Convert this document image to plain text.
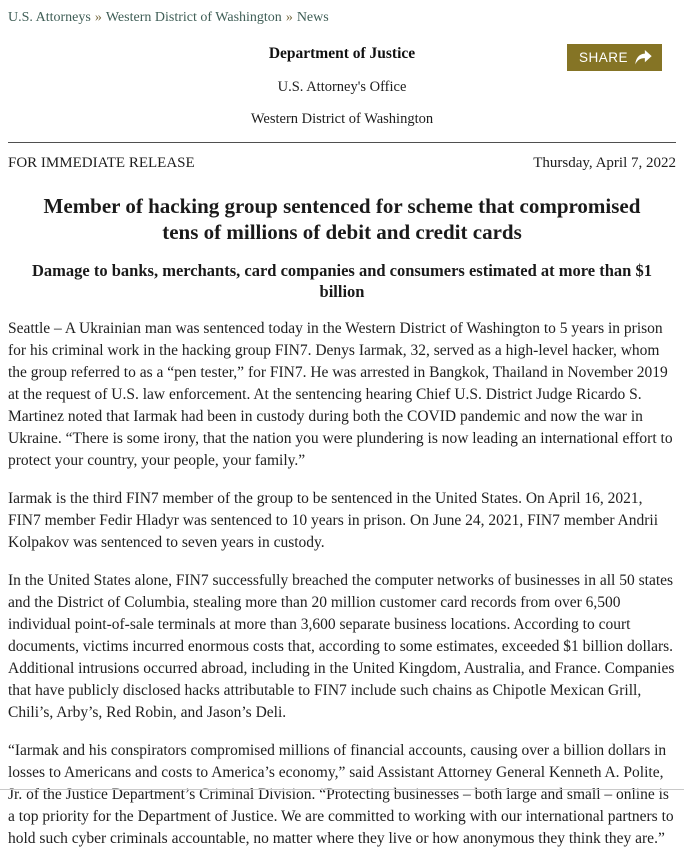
U.S. Attorneys » Western District of Washington » News
SHARE
Department of Justice
U.S. Attorney's Office
Western District of Washington
FOR IMMEDIATE RELEASE	Thursday, April 7, 2022
Member of hacking group sentenced for scheme that compromised tens of millions of debit and credit cards
Damage to banks, merchants, card companies and consumers estimated at more than $1 billion

Seattle – A Ukrainian man was sentenced today in the Western District of Washington to 5 years in prison for his criminal work in the hacking group FIN7. Denys Iarmak, 32, served as a high-level hacker, whom the group referred to as a “pen tester,” for FIN7. He was arrested in Bangkok, Thailand in November 2019 at the request of U.S. law enforcement. At the sentencing hearing Chief U.S. District Judge Ricardo S. Martinez noted that Iarmak had been in custody during both the COVID pandemic and now the war in Ukraine. “There is some irony, that the nation you were plundering is now leading an international effort to protect your country, your people, your family.”

Iarmak is the third FIN7 member of the group to be sentenced in the United States. On April 16, 2021, FIN7 member Fedir Hladyr was sentenced to 10 years in prison. On June 24, 2021, FIN7 member Andrii Kolpakov was sentenced to seven years in custody.

In the United States alone, FIN7 successfully breached the computer networks of businesses in all 50 states and the District of Columbia, stealing more than 20 million customer card records from over 6,500 individual point-of-sale terminals at more than 3,600 separate business locations. According to court documents, victims incurred enormous costs that, according to some estimates, exceeded $1 billion dollars. Additional intrusions occurred abroad, including in the United Kingdom, Australia, and France. Companies that have publicly disclosed hacks attributable to FIN7 include such chains as Chipotle Mexican Grill, Chili’s, Arby’s, Red Robin, and Jason’s Deli.

“Iarmak and his conspirators compromised millions of financial accounts, causing over a billion dollars in losses to Americans and costs to America’s economy,” said Assistant Attorney General Kenneth A. Polite, Jr. of the Justice Department’s Criminal Division. “Protecting businesses – both large and small – online is a top priority for the Department of Justice. We are committed to working with our international partners to hold such cyber criminals accountable, no matter where they live or how anonymous they think they are.”
